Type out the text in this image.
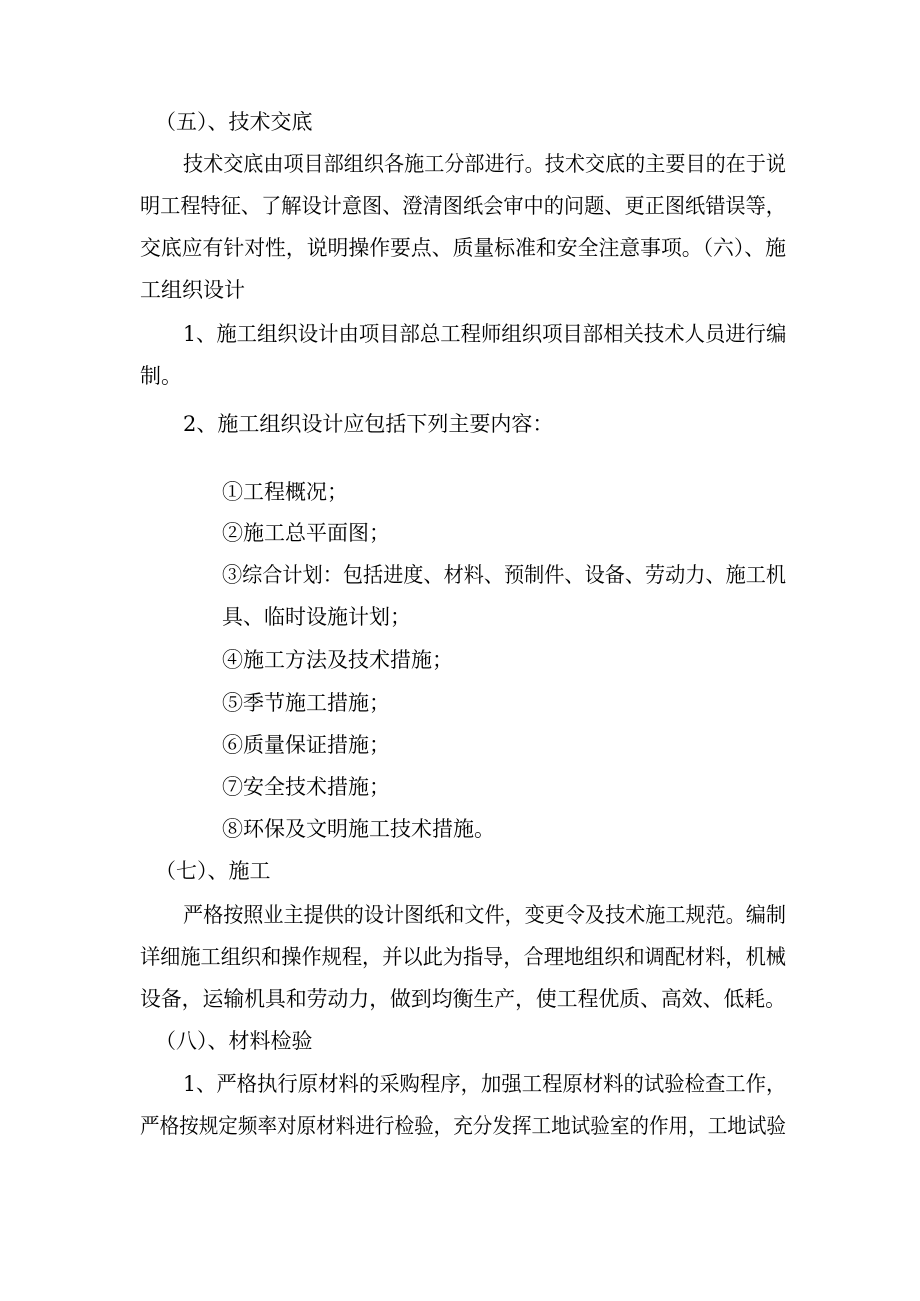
（五）、技术交底
技术交底由项目部组织各施工分部进行。技术交底的主要目的在于说
明工程特征、了解设计意图、澄清图纸会审中的问题、更正图纸错误等，
交底应有针对性，说明操作要点、质量标准和安全注意事项。（六）、施
工组织设计
1、施工组织设计由项目部总工程师组织项目部相关技术人员进行编
制。
2、施工组织设计应包括下列主要内容：
①工程概况；
②施工总平面图；
③综合计划：包括进度、材料、预制件、设备、劳动力、施工机
具、临时设施计划；
④施工方法及技术措施；
⑤季节施工措施；
⑥质量保证措施；
⑦安全技术措施；
⑧环保及文明施工技术措施。
（七）、施工
严格按照业主提供的设计图纸和文件，变更令及技术施工规范。编制
详细施工组织和操作规程，并以此为指导，合理地组织和调配材料，机械
设备，运输机具和劳动力，做到均衡生产，使工程优质、高效、低耗。
（八）、材料检验
1、严格执行原材料的采购程序，加强工程原材料的试验检查工作，
严格按规定频率对原材料进行检验，充分发挥工地试验室的作用，工地试验
